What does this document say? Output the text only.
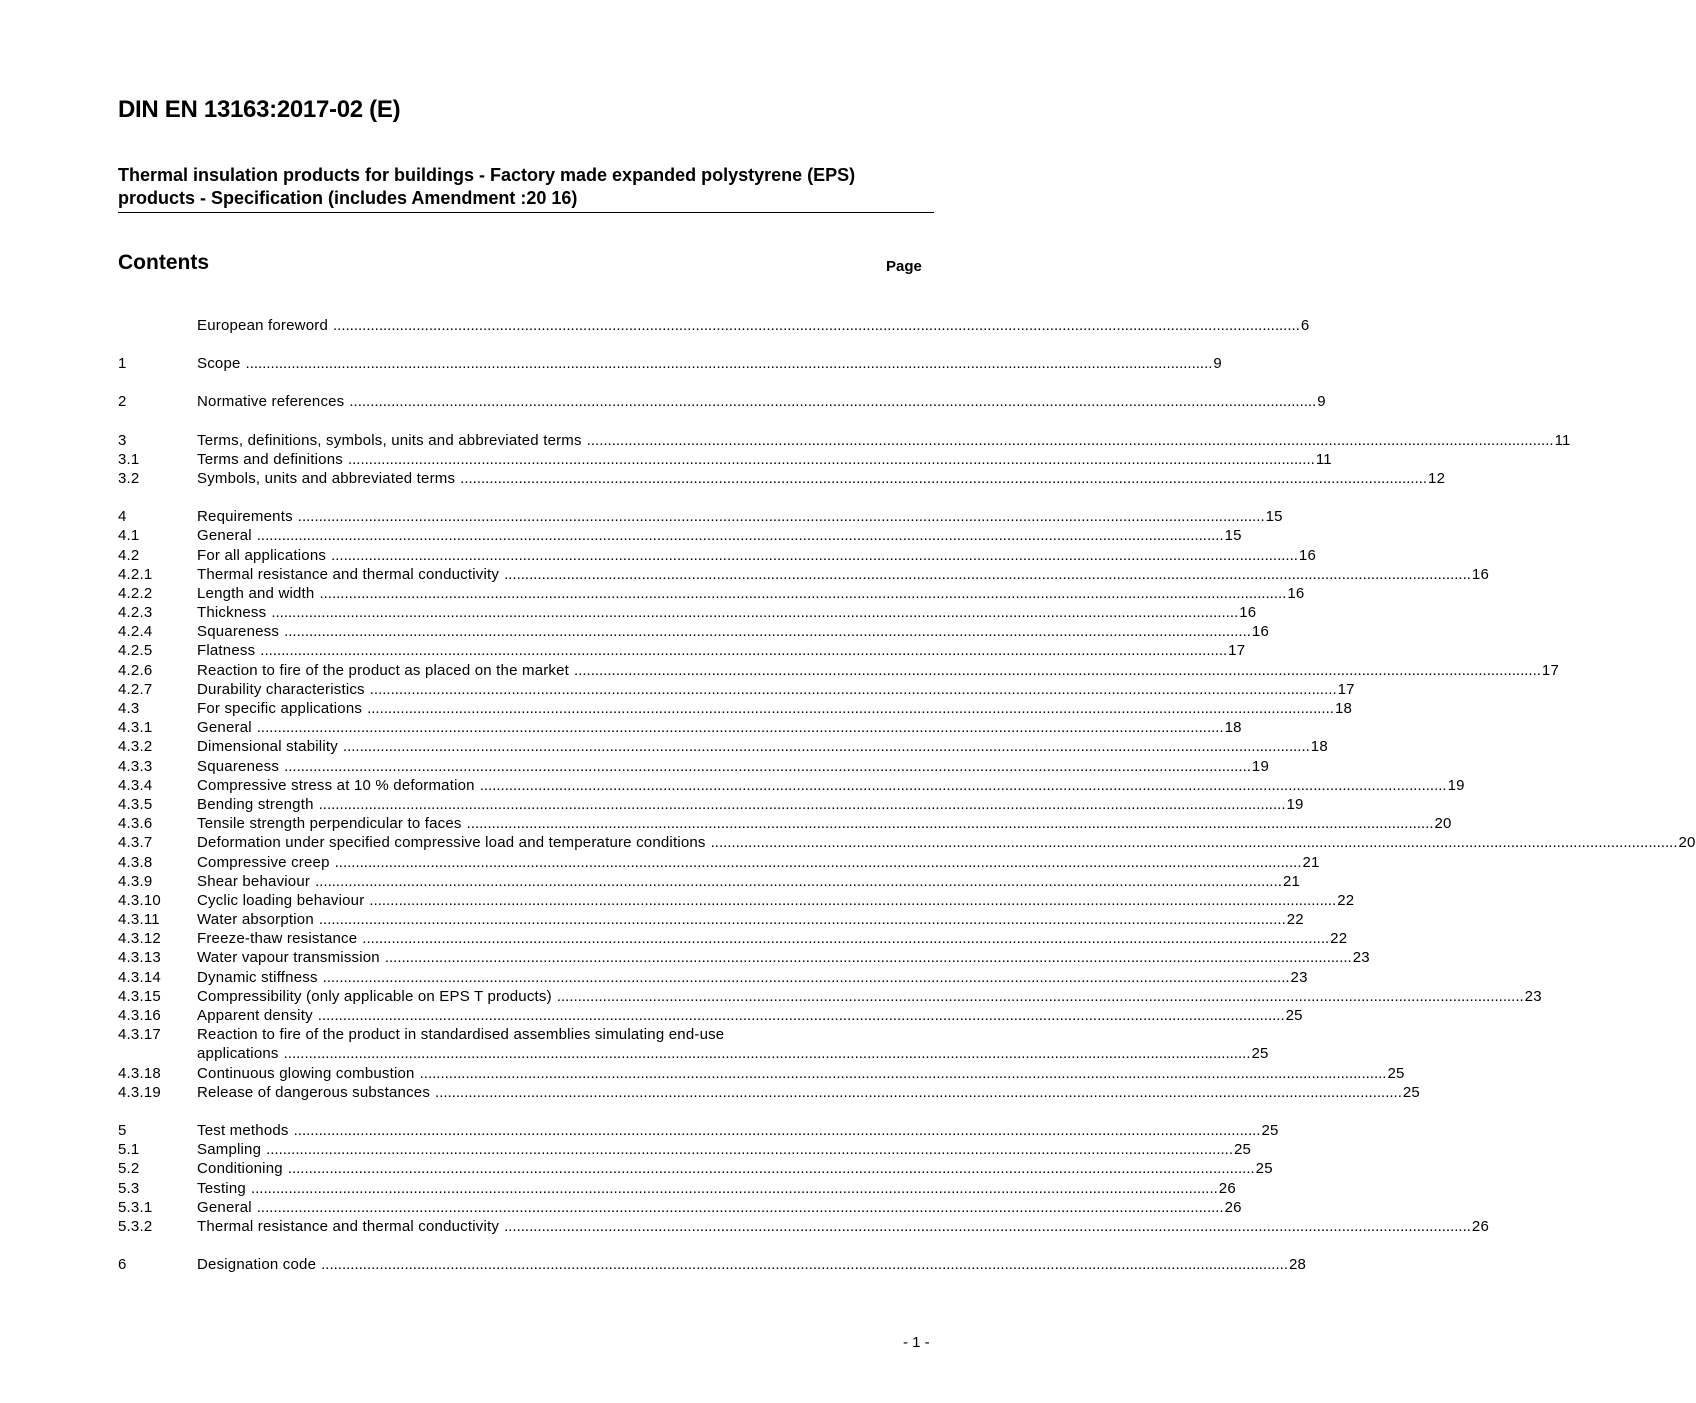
DIN EN 13163:2017-02 (E)
Thermal insulation products for buildings - Factory made expanded polystyrene (EPS) products - Specification (includes Amendment :20 16)
Contents	Page
European foreword .....	6
1	Scope .....	9
2	Normative references .....	9
3	Terms, definitions, symbols, units and abbreviated terms .....	11
3.1	Terms and definitions .....	11
3.2	Symbols, units and abbreviated terms .....	12
4	Requirements .....	15
4.1	General .....	15
4.2	For all applications .....	16
4.2.1	Thermal resistance and thermal conductivity .....	16
4.2.2	Length and width .....	16
4.2.3	Thickness .....	16
4.2.4	Squareness .....	16
4.2.5	Flatness .....	17
4.2.6	Reaction to fire of the product as placed on the market .....	17
4.2.7	Durability characteristics .....	17
4.3	For specific applications .....	18
4.3.1	General .....	18
4.3.2	Dimensional stability .....	18
4.3.3	Squareness .....	19
4.3.4	Compressive stress at 10 % deformation .....	19
4.3.5	Bending strength .....	19
4.3.6	Tensile strength perpendicular to faces .....	20
4.3.7	Deformation under specified compressive load and temperature conditions .....	20
4.3.8	Compressive creep .....	21
4.3.9	Shear behaviour .....	21
4.3.10	Cyclic loading behaviour .....	22
4.3.11	Water absorption .....	22
4.3.12	Freeze-thaw resistance .....	22
4.3.13	Water vapour transmission .....	23
4.3.14	Dynamic stiffness .....	23
4.3.15	Compressibility (only applicable on EPS T products) .....	23
4.3.16	Apparent density .....	25
4.3.17	Reaction to fire of the product in standardised assemblies simulating end-use
applications .....	25
4.3.18	Continuous glowing combustion .....	25
4.3.19	Release of dangerous substances .....	25
5	Test methods .....	25
5.1	Sampling .....	25
5.2	Conditioning .....	25
5.3	Testing .....	26
5.3.1	General .....	26
5.3.2	Thermal resistance and thermal conductivity .....	26
6	Designation code .....	28
- 1 -
